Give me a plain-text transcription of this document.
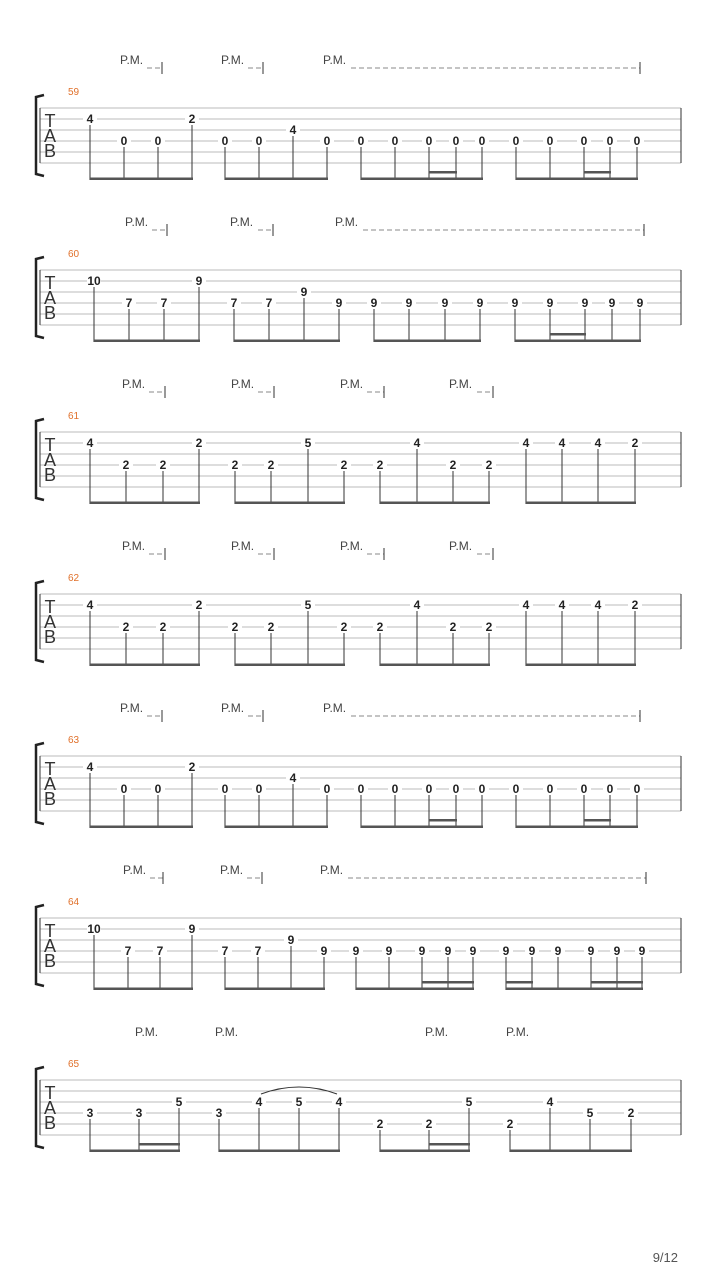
T
A
B
59
P.M.	P.M.	P.M.
4
0 0
2
0 0
4
0 0 0 0 0 0 0 0 0 0 0
T
A
B
60
P.M.	P.M.	P.M.
10
7 7
9
7 7
9
9 9 9 9 9 9 9 9 9 9
T
A
B
61
P.M.	P.M.	P.M.	P.M.
4
2	2
2
2 2
5
2 2
4
2 2
4 4 4	2
T
A
B
62
P.M.	P.M.	P.M.	P.M.
4
2	2
2
2 2
5
2 2
4
2 2
4 4 4	2
T
A
B
63
P.M.	P.M.	P.M.
4
0 0
2
0 0
4
0 0 0 0 0 0 0 0 0 0 0
T
A
B
64
P.M.	P.M.	P.M.
10
7 7
9
7 7
9
9 9 9 9 9 9 9 9 9 9 9 9
T
A
B
65
P.M.	P.M.	P.M.	P.M.
3	3
5
3
4	5	4
2	2
5
2
4
5	2
9/12
